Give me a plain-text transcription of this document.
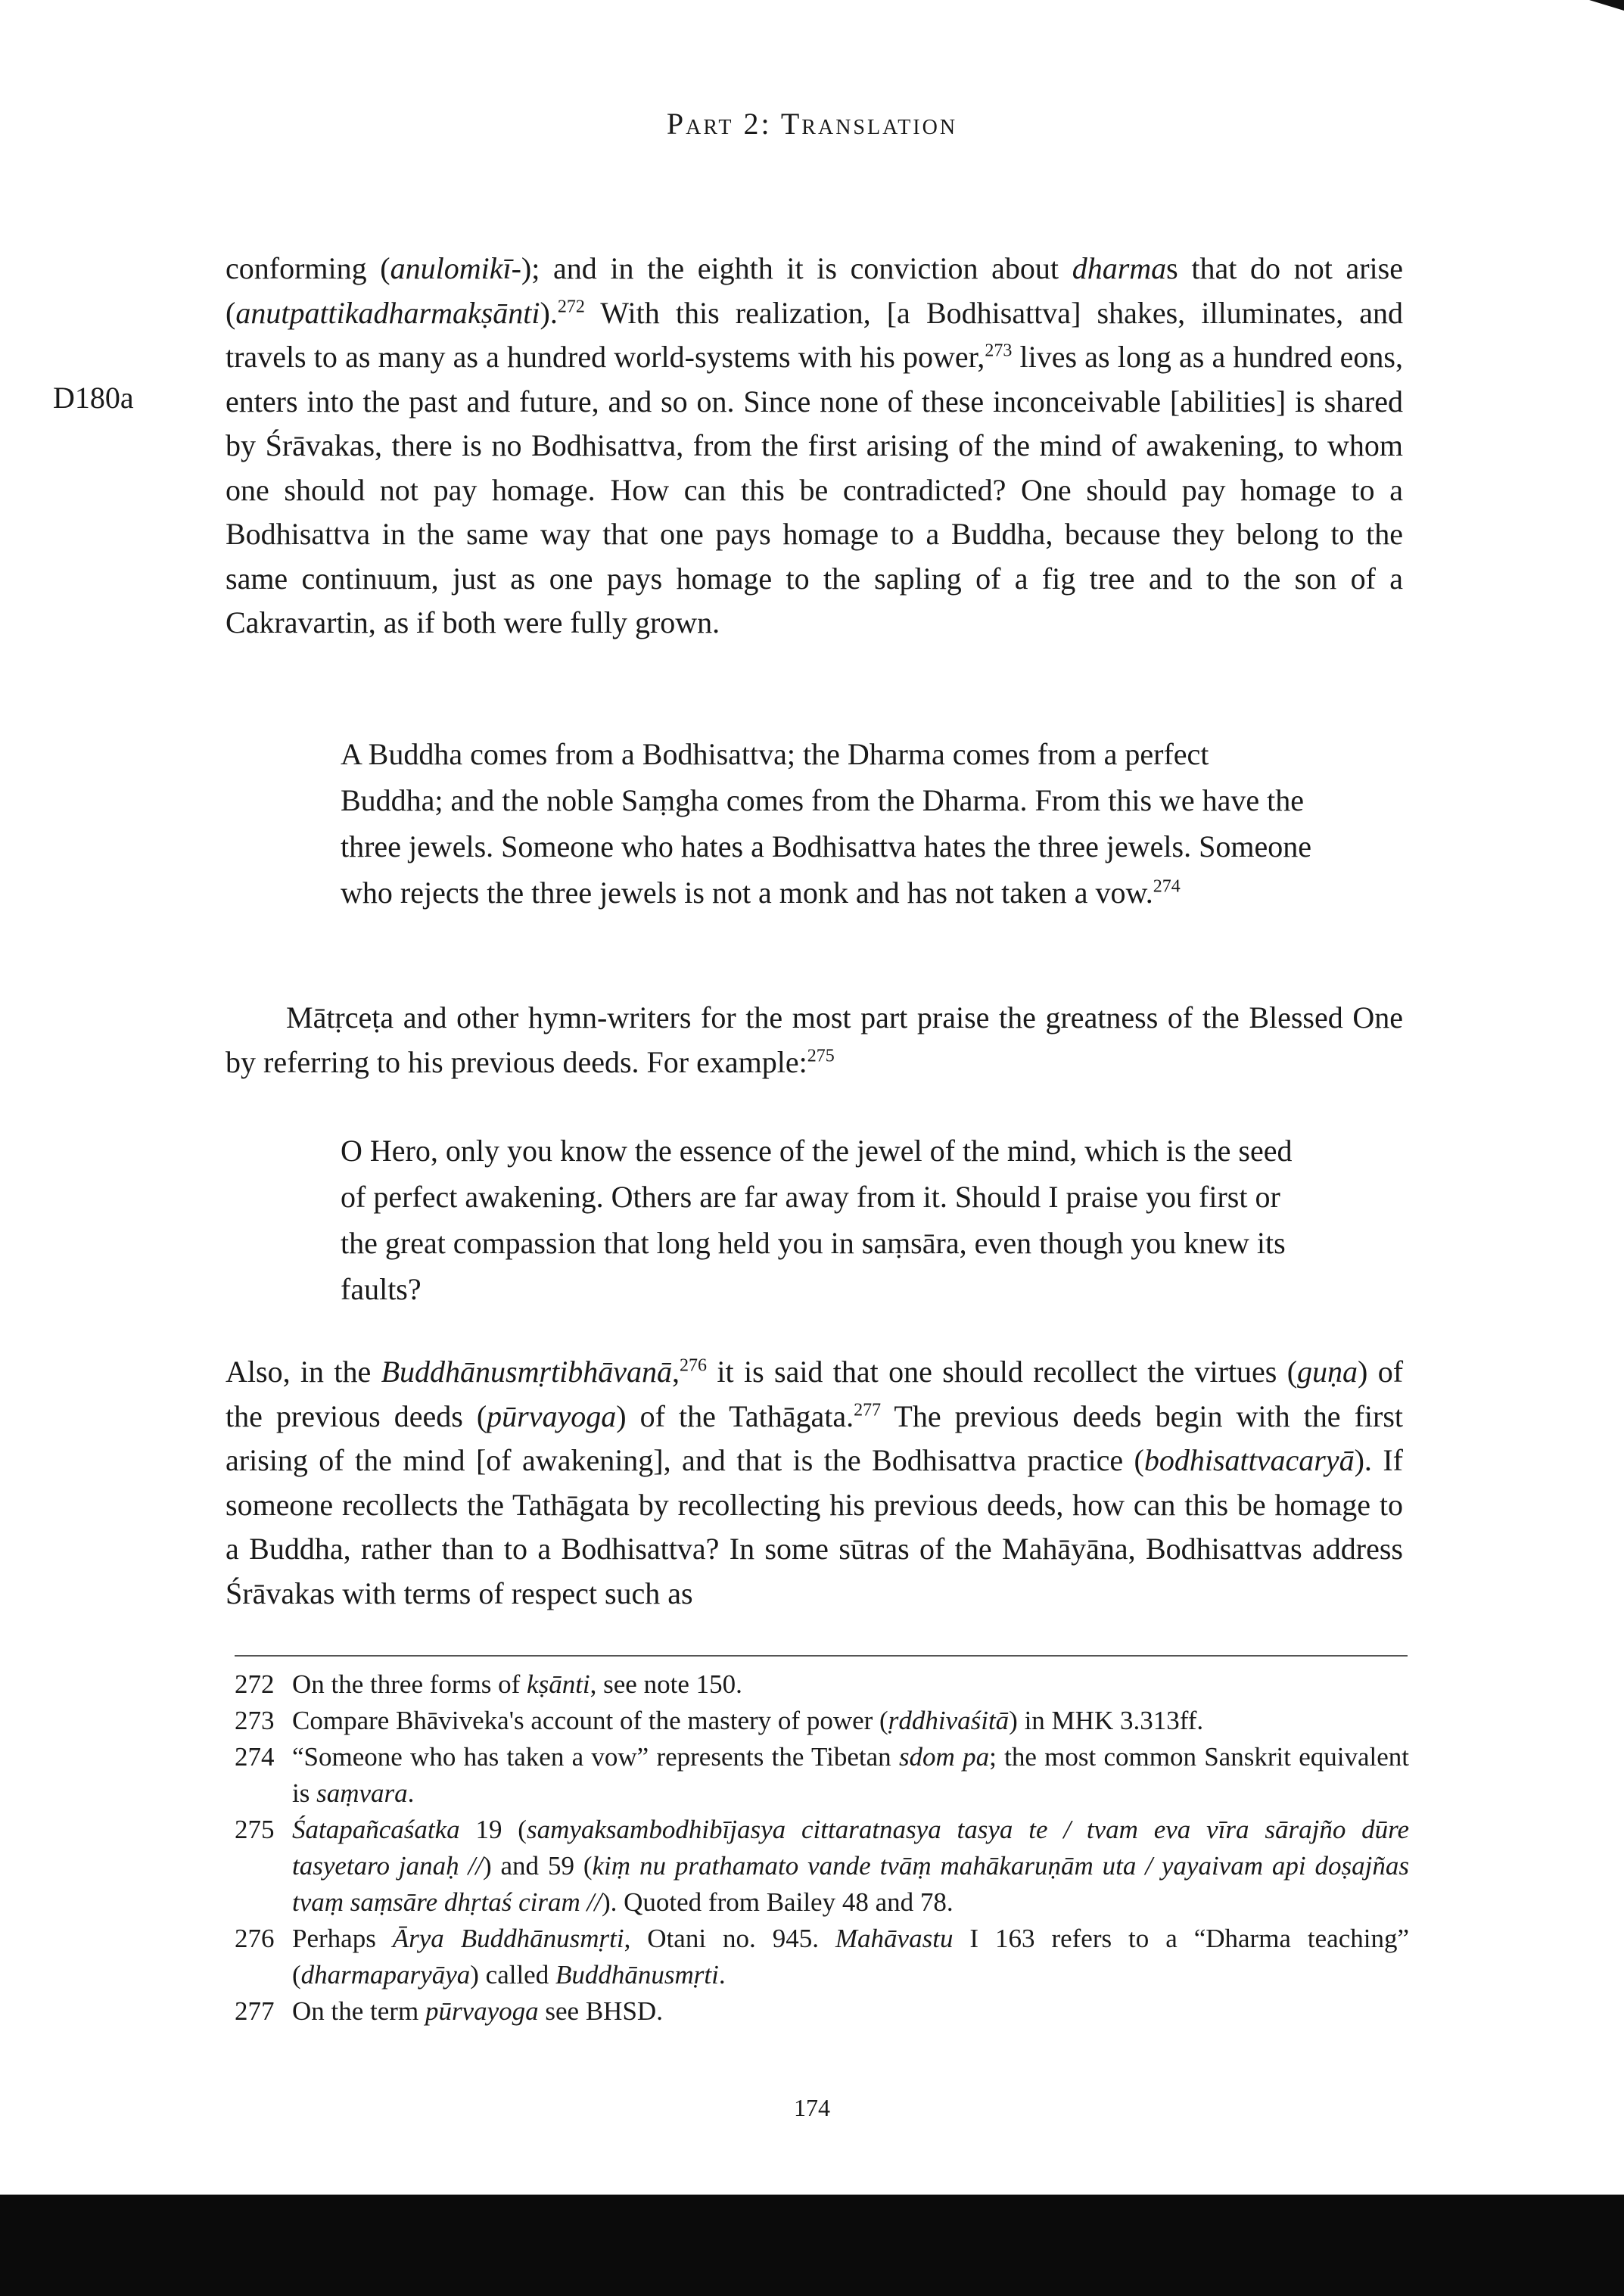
Part 2: Translation
D180a

conforming (anulomikī-); and in the eighth it is conviction about dharmas that do not arise (anutpattikadharmakṣānti).$^{272}$ With this realization, [a Bodhisattva] shakes, illuminates, and travels to as many as a hundred world-systems with his power,$^{273}$ lives as long as a hundred eons, enters into the past and future, and so on. Since none of these inconceivable [abilities] is shared by Śrāvakas, there is no Bodhisattva, from the first arising of the mind of awakening, to whom one should not pay homage. How can this be contradicted? One should pay homage to a Bodhisattva in the same way that one pays homage to a Buddha, because they belong to the same continuum, just as one pays homage to the sapling of a fig tree and to the son of a Cakravartin, as if both were fully grown.

A Buddha comes from a Bodhisattva; the Dharma comes from a perfect Buddha; and the noble Saṃgha comes from the Dharma. From this we have the three jewels. Someone who hates a Bodhisattva hates the three jewels. Someone who rejects the three jewels is not a monk and has not taken a vow.$^{274}$

Mātṛceṭa and other hymn-writers for the most part praise the greatness of the Blessed One by referring to his previous deeds. For example:$^{275}$

O Hero, only you know the essence of the jewel of the mind, which is the seed of perfect awakening. Others are far away from it. Should I praise you first or the great compassion that long held you in saṃsāra, even though you knew its faults?

Also, in the Buddhānusmṛtibhāvanā,$^{276}$ it is said that one should recollect the virtues (guṇa) of the previous deeds (pūrvayoga) of the Tathāgata.$^{277}$ The previous deeds begin with the first arising of the mind [of awakening], and that is the Bodhisattva practice (bodhisattvacaryā). If someone recollects the Tathāgata by recollecting his previous deeds, how can this be homage to a Buddha, rather than to a Bodhisattva? In some sūtras of the Mahāyāna, Bodhisattvas address Śrāvakas with terms of respect such as

272 On the three forms of kṣānti, see note 150.
273 Compare Bhāviveka's account of the mastery of power (ṛddhivaśitā) in MHK 3.313ff.
274 “Someone who has taken a vow” represents the Tibetan sdom pa; the most common Sanskrit equivalent is saṃvara.
275 Śatapañcaśatka 19 (samyaksambodhibījasya cittaratnasya tasya te / tvam eva vīra sārajño dūre tasyetaro janaḥ //) and 59 (kiṃ nu prathamato vande tvāṃ mahākaruṇām uta / yayaivam api doṣajñas tvaṃ saṃsāre dhṛtaś ciram //). Quoted from Bailey 48 and 78.
276 Perhaps Ārya Buddhānusmṛti, Otani no. 945. Mahāvastu I 163 refers to a “Dharma teaching” (dharmaparyāya) called Buddhānusmṛti.
277 On the term pūrvayoga see BHSD.
174
